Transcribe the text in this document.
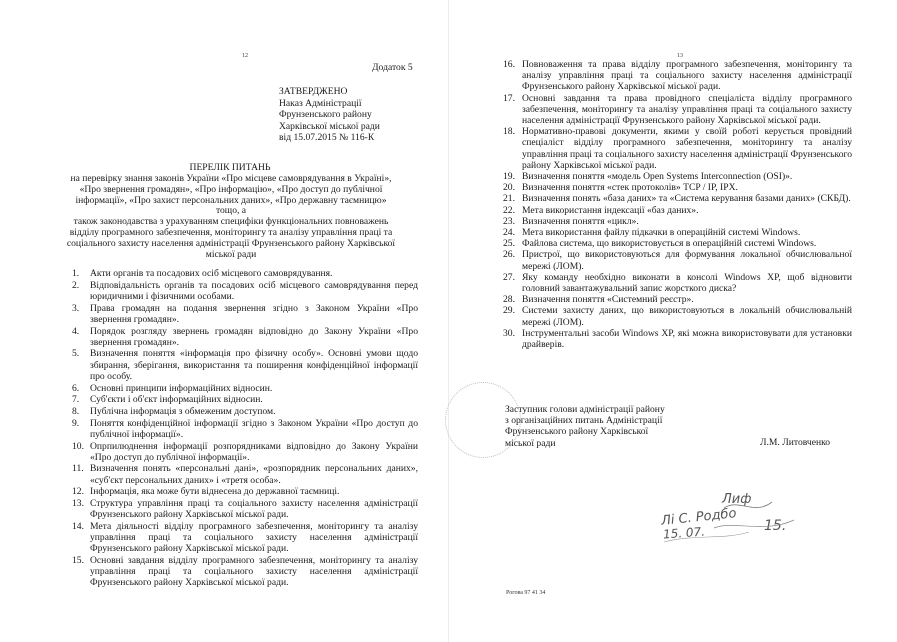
12
Додаток 5
ЗАТВЕРДЖЕНО
Наказ Адміністрації
Фрунзенського району
Харківської міської ради
від 15.07.2015 № 116-К
ПЕРЕЛІК ПИТАНЬ
на перевірку знання законів України «Про місцеве самоврядування в Україні»,
«Про звернення громадян», «Про інформацію», «Про доступ до публічної
інформації», «Про захист персональних даних», «Про державну таємницю» тощо, а
також законодавства з урахуванням специфіки функціональних повноважень
відділу програмного забезпечення, моніторингу та аналізу управління праці та
соціального захисту населення адміністрації Фрунзенського району Харківської
міської ради
1. Акти органів та посадових осіб місцевого самоврядування.
2. Відповідальність органів та посадових осіб місцевого самоврядування перед юридичними і фізичними особами.
3. Права громадян на подання звернення згідно з Законом України «Про звернення громадян».
4. Порядок розгляду звернень громадян відповідно до Закону України «Про звернення громадян».
5. Визначення поняття «інформація про фізичну особу». Основні умови щодо збирання, зберігання, використання та поширення конфіденційної інформації про особу.
6. Основні принципи інформаційних відносин.
7. Суб'єкти і об'єкт інформаційних відносин.
8. Публічна інформація з обмеженим доступом.
9. Поняття конфіденційної інформації згідно з Законом України «Про доступ до публічної інформації».
10. Опрпилюднення інформації розпорядниками відповідно до Закону України «Про доступ до публічної інформації».
11. Визначення понять «персональні дані», «розпорядник персональних даних», «суб'єкт персональних даних» і «третя особа».
12. Інформація, яка може бути віднесена до державної таємниці.
13. Структура управління праці та соціального захисту населення адміністрації Фрунзенського району Харківської міської ради.
14. Мета діяльності відділу програмного забезпечення, моніторингу та аналізу управління праці та соціального захисту населення адміністрації Фрунзенського району Харківської міської ради.
15. Основні завдання відділу програмного забезпечення, моніторингу та аналізу управління праці та соціального захисту населення адміністрації Фрунзенського району Харківської міської ради.
13
16. Повноваження та права відділу програмного забезпечення, моніторингу та аналізу управління праці та соціального захисту населення адміністрації Фрунзенського району Харківської міської ради.
17. Основні завдання та права провідного спеціаліста відділу програмного забезпечення, моніторингу та аналізу управління праці та соціального захисту населення адміністрації Фрунзенського району Харківської міської ради.
18. Нормативно-правові документи, якими у своїй роботі керується провідний спеціаліст відділу програмного забезпечення, моніторингу та аналізу управління праці та соціального захисту населення адміністрації Фрунзенського району Харківської міської ради.
19. Визначення поняття «модель Open Systems Interconnection (OSI)».
20. Визначення поняття «стек протоколів» TCP / IP, IPX.
21. Визначення понять «база даних» та «Система керування базами даних» (СКБД).
22. Мета використання індексації «баз даних».
23. Визначення поняття «цикл».
24. Мета використання файлу підкачки в операційній системі Windows.
25. Файлова система, що використовується в операційній системі Windows.
26. Пристрої, що використовуються для формування локальної обчислювальної мережі (ЛОМ).
27. Яку команду необхідно виконати в консолі Windows XP, щоб відновити головний завантажувальний запис жорсткого диска?
28. Визначення поняття «Системний реєстр».
29. Системи захисту даних, що використовуються в локальній обчислювальній мережі (ЛОМ).
30. Інструментальні засоби Windows XP, які можна використовувати для установки драйверів.
Заступник голови адміністрації району
з організаційних питань Адміністрації
Фрунзенського району Харківської
міської ради	Л.М. Литовченко
Лиф
Лі С. Родбо
15. 07.	15.
Рогова 97 41 34
